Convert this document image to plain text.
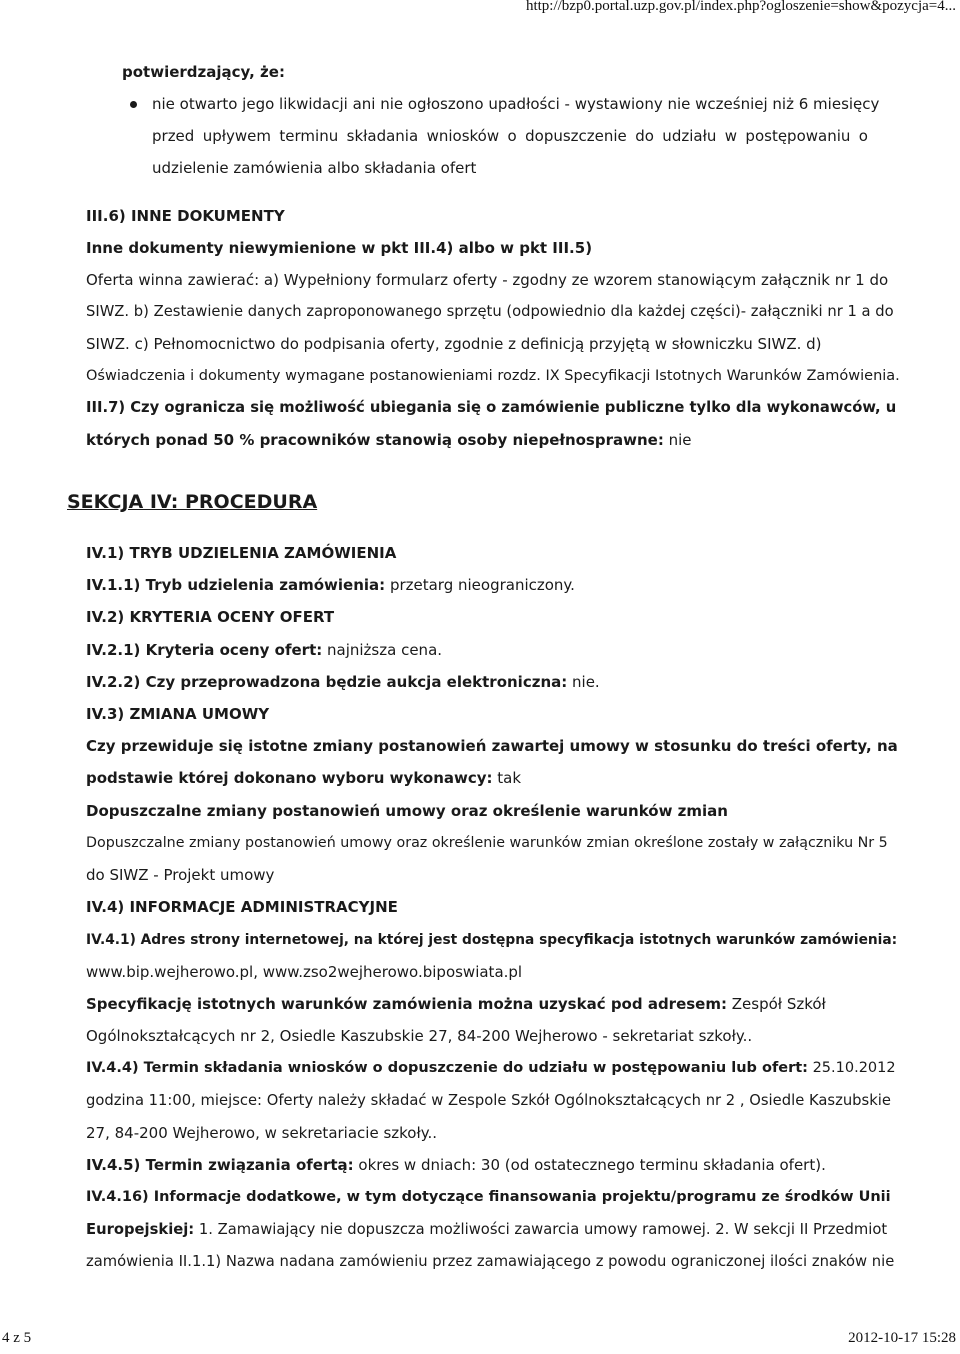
http://bzp0.portal.uzp.gov.pl/index.php?ogloszenie=show&pozycja=4...
potwierdzający, że:
nie otwarto jego likwidacji ani nie ogłoszono upadłości - wystawiony nie wcześniej niż 6 miesięcy
przed upływem terminu składania wniosków o dopuszczenie do udziału w postępowaniu o
udzielenie zamówienia albo składania ofert
III.6) INNE DOKUMENTY
Inne dokumenty niewymienione w pkt III.4) albo w pkt III.5)
Oferta winna zawierać: a) Wypełniony formularz oferty - zgodny ze wzorem stanowiącym załącznik nr 1 do
SIWZ. b) Zestawienie danych zaproponowanego sprzętu (odpowiednio dla każdej części)- załączniki nr 1 a do
SIWZ. c) Pełnomocnictwo do podpisania oferty, zgodnie z definicją przyjętą w słowniczku SIWZ. d)
Oświadczenia i dokumenty wymagane postanowieniami rozdz. IX Specyfikacji Istotnych Warunków Zamówienia.
III.7) Czy ogranicza się możliwość ubiegania się o zamówienie publiczne tylko dla wykonawców, u
których ponad 50 % pracowników stanowią osoby niepełnosprawne: nie
SEKCJA IV: PROCEDURA
IV.1) TRYB UDZIELENIA ZAMÓWIENIA
IV.1.1) Tryb udzielenia zamówienia: przetarg nieograniczony.
IV.2) KRYTERIA OCENY OFERT
IV.2.1) Kryteria oceny ofert: najniższa cena.
IV.2.2) Czy przeprowadzona będzie aukcja elektroniczna: nie.
IV.3) ZMIANA UMOWY
Czy przewiduje się istotne zmiany postanowień zawartej umowy w stosunku do treści oferty, na
podstawie której dokonano wyboru wykonawcy: tak
Dopuszczalne zmiany postanowień umowy oraz określenie warunków zmian
Dopuszczalne zmiany postanowień umowy oraz określenie warunków zmian określone zostały w załączniku Nr 5
do SIWZ - Projekt umowy
IV.4) INFORMACJE ADMINISTRACYJNE
IV.4.1) Adres strony internetowej, na której jest dostępna specyfikacja istotnych warunków zamówienia:
www.bip.wejherowo.pl, www.zso2wejherowo.biposwiata.pl
Specyfikację istotnych warunków zamówienia można uzyskać pod adresem: Zespół Szkół
Ogólnokształcących nr 2, Osiedle Kaszubskie 27, 84-200 Wejherowo - sekretariat szkoły..
IV.4.4) Termin składania wniosków o dopuszczenie do udziału w postępowaniu lub ofert: 25.10.2012
godzina 11:00, miejsce: Oferty należy składać w Zespole Szkół Ogólnokształcących nr 2 , Osiedle Kaszubskie
27, 84-200 Wejherowo, w sekretariacie szkoły..
IV.4.5) Termin związania ofertą: okres w dniach: 30 (od ostatecznego terminu składania ofert).
IV.4.16) Informacje dodatkowe, w tym dotyczące finansowania projektu/programu ze środków Unii
Europejskiej: 1. Zamawiający nie dopuszcza możliwości zawarcia umowy ramowej. 2. W sekcji II Przedmiot
zamówienia II.1.1) Nazwa nadana zamówieniu przez zamawiającego z powodu ograniczonej ilości znaków nie
4 z 5	2012-10-17 15:28
